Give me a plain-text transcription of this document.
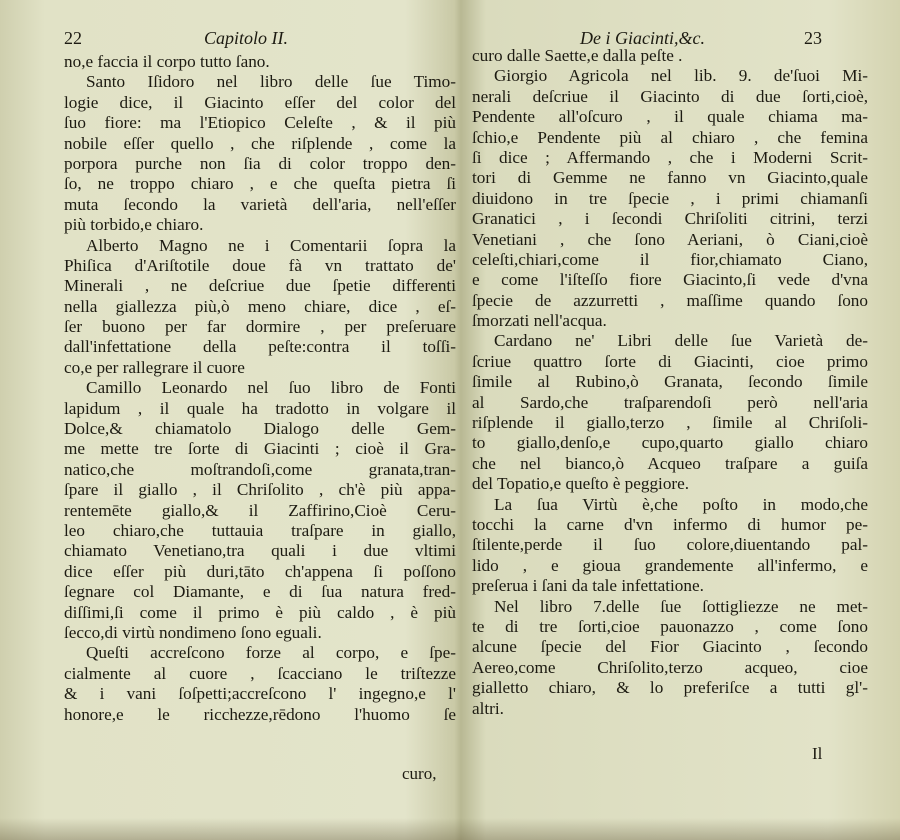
22	Capitolo II.
no,e faccia il corpo tutto ſano.
Santo Iſidoro nel libro delle ſue Timo-
logie dice, il Giacinto eſſer del color del
ſuo fiore: ma l'Etiopico Celeſte , & il più
nobile eſſer quello , che riſplende , come la
porpora purche non ſia di color troppo den-
ſo, ne troppo chiaro , e che queſta pietra ſi
muta ſecondo la varietà dell'aria, nell'eſſer
più torbido,e chiaro.
Alberto Magno ne i Comentarii ſopra la
Phiſica d'Ariſtotile doue fà vn trattato de'
Minerali , ne deſcriue due ſpetie differenti
nella giallezza più,ò meno chiare, dice , eſ-
ſer buono per far dormire , per preſeruare
dall'infettatione della peſte:contra il toſſi-
co,e per rallegrare il cuore
Camillo Leonardo nel ſuo libro de Fonti
lapidum , il quale ha tradotto in volgare il
Dolce,& chiamatolo Dialogo delle Gem-
me mette tre ſorte di Giacinti ; cioè il Gra-
natico,che moſtrandoſi,come granata,tran-
ſpare il giallo , il Chriſolito , ch'è più appa-
rentemēte giallo,& il Zaffirino,Cioè Ceru-
leo chiaro,che tuttauia traſpare in giallo,
chiamato Venetiano,tra quali i due vltimi
dice eſſer più duri,tāto ch'appena ſi poſſono
ſegnare col Diamante, e di ſua natura fred-
diſſimi,ſi come il primo è più caldo , è più
ſecco,di virtù nondimeno ſono eguali.
Queſti accreſcono forze al corpo, e ſpe-
cialmente al cuore , ſcacciano le triſtezze
& i vani ſoſpetti;accreſcono l' ingegno,e l'
honore,e le ricchezze,rēdono l'huomo ſe
curo,
De i Giacinti,&c.	23
curo dalle Saette,e dalla peſte .
Giorgio Agricola nel lib. 9. de'ſuoi Mi-
nerali deſcriue il Giacinto di due ſorti,cioè,
Pendente all'oſcuro , il quale chiama ma-
ſchio,e Pendente più al chiaro , che femina
ſi dice ; Affermando , che i Moderni Scrit-
tori di Gemme ne fanno vn Giacinto,quale
diuidono in tre ſpecie , i primi chiamanſi
Granatici , i ſecondi Chriſoliti citrini, terzi
Venetiani , che ſono Aeriani, ò Ciani,cioè
celeſti,chiari,come il fior,chiamato Ciano,
e come l'iſteſſo fiore Giacinto,ſi vede d'vna
ſpecie de azzurretti , maſſime quando ſono
ſmorzati nell'acqua.
Cardano ne' Libri delle ſue Varietà de-
ſcriue quattro ſorte di Giacinti, cioe primo
ſimile al Rubino,ò Granata, ſecondo ſimile
al Sardo,che traſparendoſi però nell'aria
riſplende il giallo,terzo , ſimile al Chriſoli-
to giallo,denſo,e cupo,quarto giallo chiaro
che nel bianco,ò Acqueo traſpare a guiſa
del Topatio,e queſto è peggiore.
La ſua Virtù è,che poſto in modo,che
tocchi la carne d'vn infermo di humor pe-
ſtilente,perde il ſuo colore,diuentando pal-
lido , e gioua grandemente all'infermo, e
preſerua i ſani da tale infettatione.
Nel libro 7.delle ſue ſottigliezze ne met-
te di tre ſorti,cioe pauonazzo , come ſono
alcune ſpecie del Fior Giacinto , ſecondo
Aereo,come Chriſolito,terzo acqueo, cioe
gialletto chiaro, & lo preferiſce a tutti gl'-
altri.
Il
